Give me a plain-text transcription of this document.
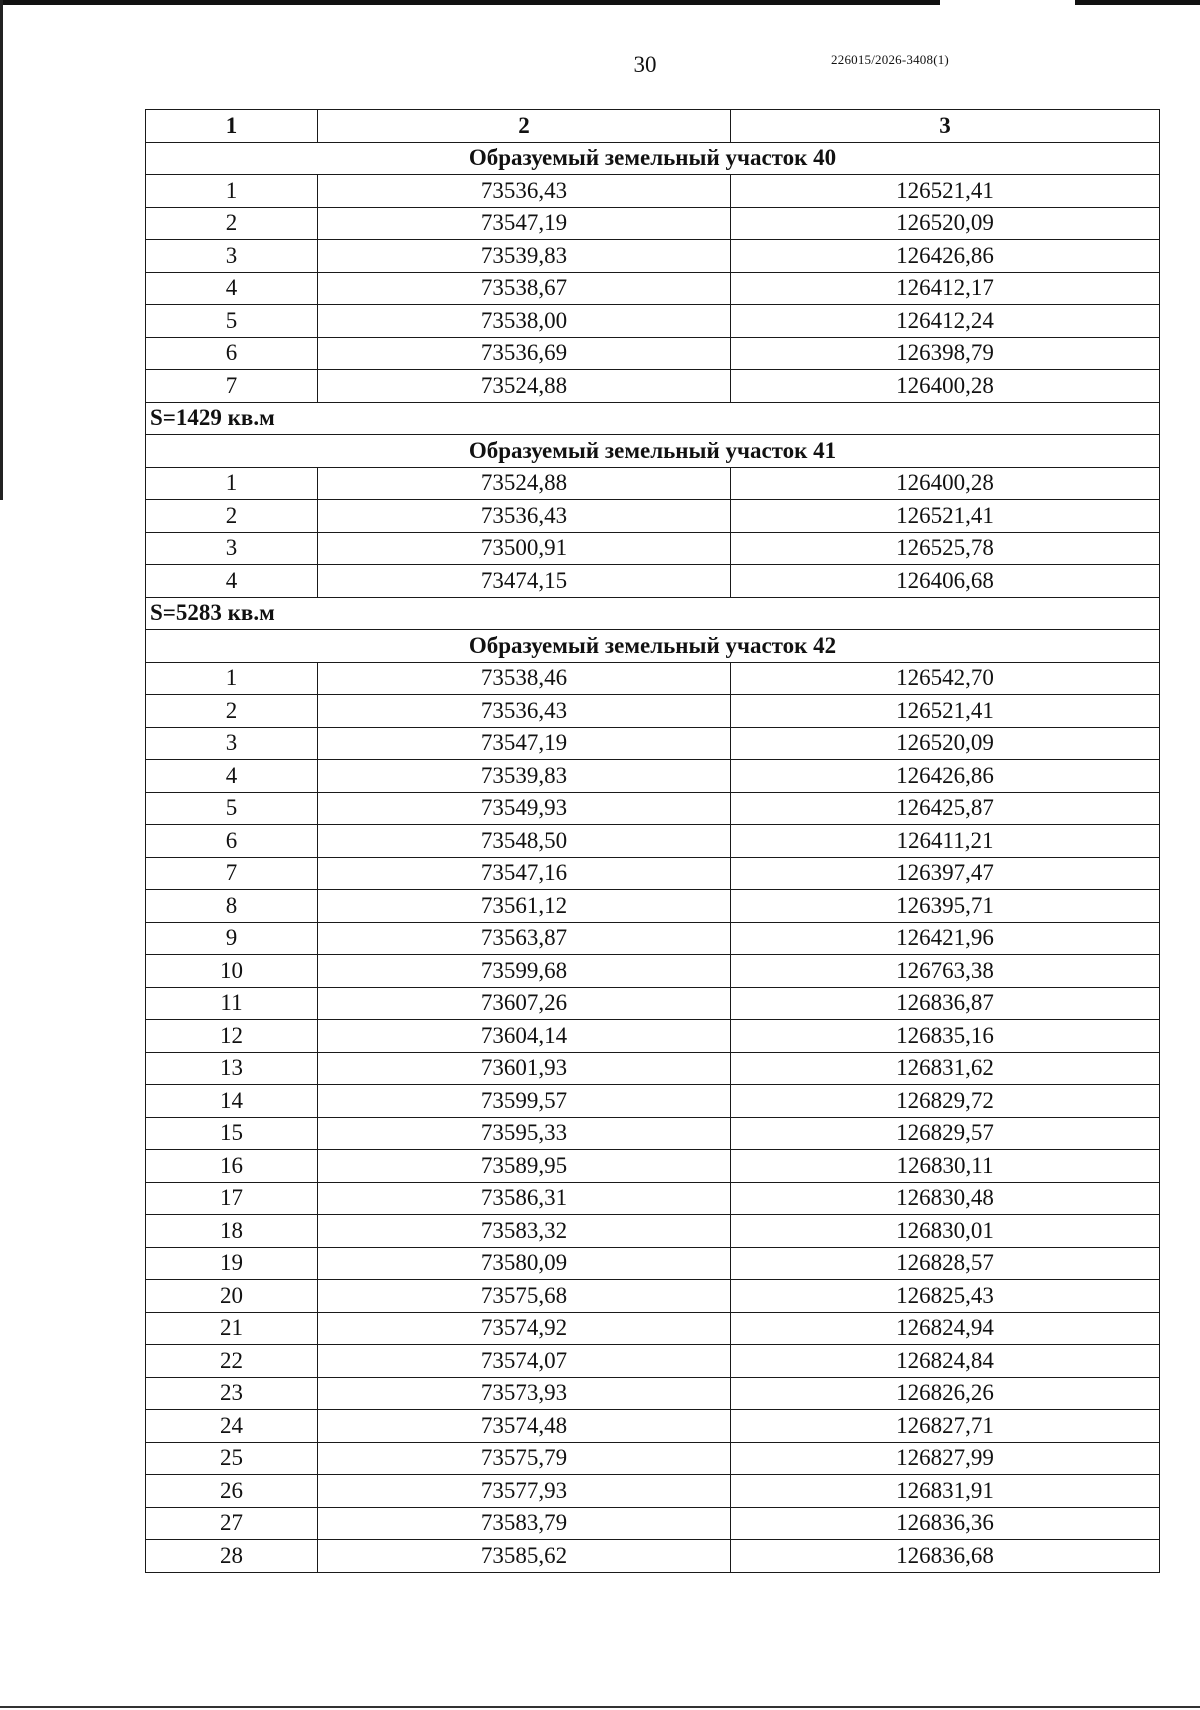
30	226015/2026-3408(1)
1	2	3
Образуемый земельный участок 40		
1	73536,43	126521,41
2	73547,19	126520,09
3	73539,83	126426,86
4	73538,67	126412,17
5	73538,00	126412,24
6	73536,69	126398,79
7	73524,88	126400,28
S=1429 кв.м		
Образуемый земельный участок 41		
1	73524,88	126400,28
2	73536,43	126521,41
3	73500,91	126525,78
4	73474,15	126406,68
S=5283 кв.м		
Образуемый земельный участок 42		
1	73538,46	126542,70
2	73536,43	126521,41
3	73547,19	126520,09
4	73539,83	126426,86
5	73549,93	126425,87
6	73548,50	126411,21
7	73547,16	126397,47
8	73561,12	126395,71
9	73563,87	126421,96
10	73599,68	126763,38
11	73607,26	126836,87
12	73604,14	126835,16
13	73601,93	126831,62
14	73599,57	126829,72
15	73595,33	126829,57
16	73589,95	126830,11
17	73586,31	126830,48
18	73583,32	126830,01
19	73580,09	126828,57
20	73575,68	126825,43
21	73574,92	126824,94
22	73574,07	126824,84
23	73573,93	126826,26
24	73574,48	126827,71
25	73575,79	126827,99
26	73577,93	126831,91
27	73583,79	126836,36
28	73585,62	126836,68
